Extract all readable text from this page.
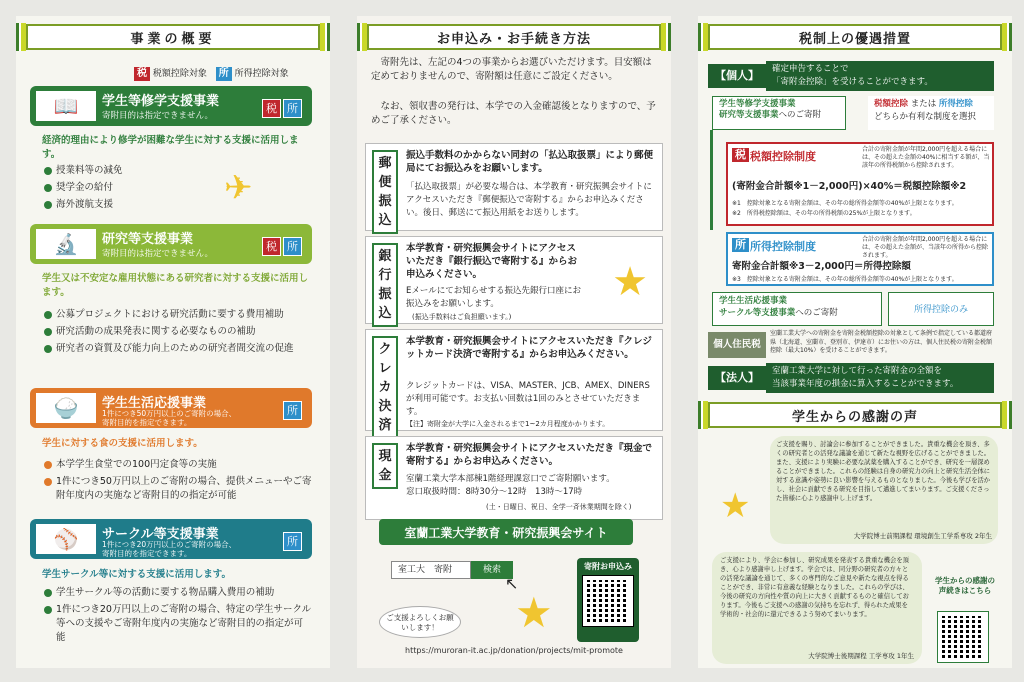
事業の概要
税 税額控除対象 所 所得控除対象
📖	学生等修学支援事業
寄附目的は指定できません。
税 所
経済的理由により修学が困難な学生に対する支援に活用します。
授業料等の減免
奨学金の給付
海外渡航支援	✈
🔬	研究等支援事業
寄附目的は指定できません。
税 所
学生又は不安定な雇用状態にある研究者に対する支援に活用します。
公募プロジェクトにおける研究活動に要する費用補助
研究活動の成果発表に関する必要なものの補助
研究者の資質及び能力向上のための研究者間交流の促進
🍚	学生生活応援事業
1件につき50万円以上のご寄附の場合、
寄附目的を指定できます。
所
学生に対する食の支援に活用します。
本学学生食堂での100円定食等の実施
1件につき50万円以上のご寄附の場合、提供メニューやご寄附年度内の実施など寄附目的の指定が可能
⚾	サークル等支援事業
1件につき20万円以上のご寄附の場合、
寄附目的を指定できます。
所
学生サークル等に対する支援に活用します。
学生サークル等の活動に要する物品購入費用の補助
1件につき20万円以上のご寄附の場合、特定の学生サークル等への支援やご寄附年度内の実施など寄附目的の指定が可能
お申込み・お手続き方法
寄附先は、左記の4つの事業からお選びいただけます。目安額は定めておりませんので、寄附額は任意にご設定ください。
なお、領収書の発行は、本学での入金確認後となりますので、予めご了承ください。
郵便振込
振込手数料のかからない同封の「払込取扱票」により郵便局にてお振込みをお願いします。
「払込取扱票」が必要な場合は、本学教育・研究振興会サイトにアクセスいただき『郵便振込で寄附する』からお申込みください。後日、郵送にて振込用紙をお送りします。
銀行振込
本学教育・研究振興会サイトにアクセスいただき『銀行振込で寄附する』からお申込みください。
Eメールにてお知らせする振込先銀行口座にお振込みをお願いします。
(振込手数料はご負担願います。)
★
クレカ決済
本学教育・研究振興会サイトにアクセスいただき『クレジットカード決済で寄附する』からお申込みください。
クレジットカードは、VISA、MASTER、JCB、AMEX、DINERSが利用可能です。お支払い回数は1回のみとさせていただきます。
【注】寄附金が大学に入金されるまで1~2カ月程度かかります。
現金
本学教育・研究振興会サイトにアクセスいただき『現金で寄附する』からお申込みください。
室蘭工業大学本部棟1階経理課窓口でご寄附願います。
窓口取扱時間：8時30分～12時　13時～17時
(土・日曜日、祝日、全学一斉休業期間を除く)
室蘭工業大学教育・研究振興会サイト
室工大　寄附	検索
↖
ご支援よろしくお願いします！	★
寄附お申込み
https://muroran-it.ac.jp/donation/projects/mit-promote
税制上の優遇措置
【個人】	確定申告することで
「寄附金控除」を受けることができます。
学生等修学支援事業
研究等支援事業へのご寄附
税額控除 または 所得控除
どちらか有利な制度を選択
税 税額控除制度
合計の寄附金額が年間2,000円を超える場合には、その超えた金額の40%に相当する額が、当該年の所得税額から控除されます。
(寄附金合計額※1－2,000円)×40%＝税額控除額※2
※1　控除対象となる寄附金額は、その年の総所得金額等の40%が上限となります。
※2　所得税控除額は、その年の所得税額の25%が上限となります。
所 所得控除制度
合計の寄附金額が年間2,000円を超える場合には、その超えた金額が、当該年の所得から控除されます。
寄附金合計額※3－2,000円＝所得控除額
※3　控除対象となる寄附金額は、その年の総所得金額等の40%が上限となります。
学生生活応援事業
サークル等支援事業へのご寄附	所得控除のみ
個人住民税
室蘭工業大学への寄附金を寄附金税額控除の対象として条例で指定している都道府県（北海道、室蘭市、登別市、伊達市）にお住いの方は、個人住民税の寄附金税額控除（最大10%）を受けることができます。
【法人】	室蘭工業大学に対して行った寄附金の全額を
当該事業年度の損金に算入することができます。
学生からの感謝の声
ご支援を賜り、討論会に参加することができました。貴重な機会を頂き、多くの研究者との活発な議論を通じて新たな視野を広げることができました。また、支援により実験に必要な試薬を購入することができ、研究を一層深めることができました。これらの経験は自身の研究力の向上と研究生活全体に対する意識や姿勢に良い影響を与えるものとなりました。今後も学びを活かし、社会に貢献できる研究を目指して邁進してまいります。ご支援くださった皆様に心より感謝申し上げます。
大学院博士前期課程 環境創生工学系専攻 2年生
★
ご支援により、学会に参加し、研究成果を発表する貴重な機会を頂き、心より感謝申し上げます。学会では、同分野の研究者の方々との活発な議論を通じて、多くの専門的なご意見や新たな視点を得ることができ、非常に有意義な経験となりました。これらの学びは、今後の研究の方向性や質の向上に大きく貢献するものと確信しております。今後もご支援への感謝の気持ちを忘れず、得られた成果を学術的・社会的に還元できるよう努めてまいります。
大学院博士後期課程 工学専攻 1年生
学生からの感謝の声続きはこちら
